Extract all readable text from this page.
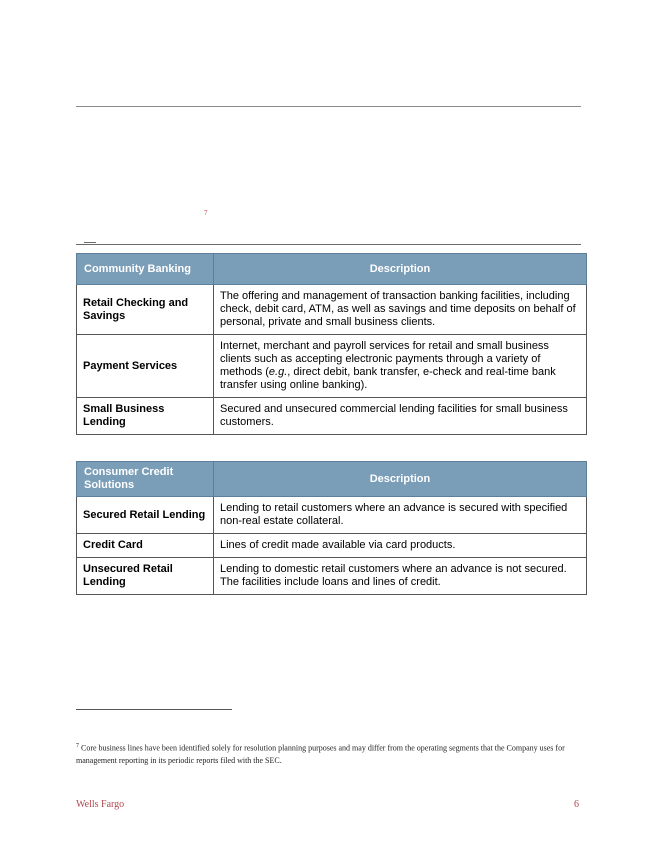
7
Community Banking	Description
Retail Checking and Savings	The offering and management of transaction banking facilities, including check, debit card, ATM, as well as savings and time deposits on behalf of personal, private and small business clients.
Payment Services	Internet, merchant and payroll services for retail and small business clients such as accepting electronic payments through a variety of methods (e.g., direct debit, bank transfer, e-check and real-time bank transfer using online banking).
Small Business Lending	Secured and unsecured commercial lending facilities for small business customers.
Consumer Credit Solutions	Description
Secured Retail Lending	Lending to retail customers where an advance is secured with specified non-real estate collateral.
Credit Card	Lines of credit made available via card products.
Unsecured Retail Lending	Lending to domestic retail customers where an advance is not secured. The facilities include loans and lines of credit.
$^7$ Core business lines have been identified solely for resolution planning purposes and may differ from the operating segments that the Company uses for management reporting in its periodic reports filed with the SEC.
Wells Fargo	6
